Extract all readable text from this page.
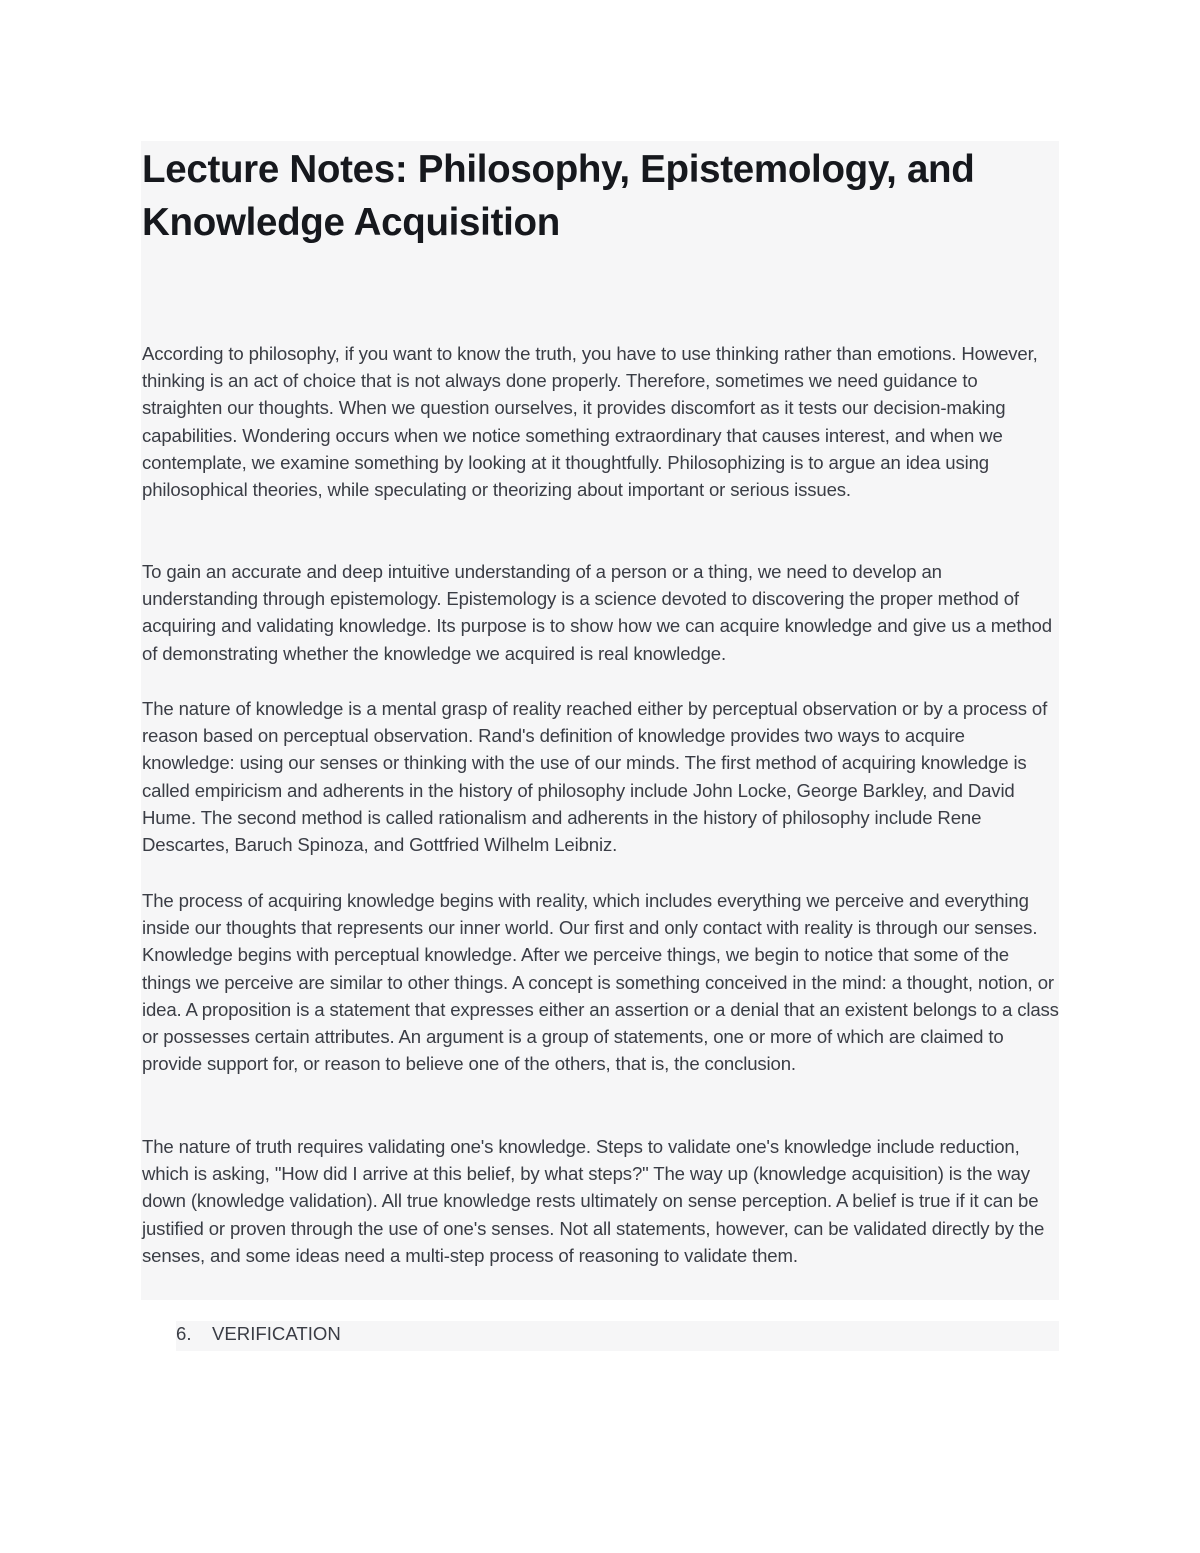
Lecture Notes: Philosophy, Epistemology, and Knowledge Acquisition

According to philosophy, if you want to know the truth, you have to use thinking rather than emotions. However, thinking is an act of choice that is not always done properly. Therefore, sometimes we need guidance to straighten our thoughts. When we question ourselves, it provides discomfort as it tests our decision-making capabilities. Wondering occurs when we notice something extraordinary that causes interest, and when we contemplate, we examine something by looking at it thoughtfully. Philosophizing is to argue an idea using philosophical theories, while speculating or theorizing about important or serious issues.

To gain an accurate and deep intuitive understanding of a person or a thing, we need to develop an understanding through epistemology. Epistemology is a science devoted to discovering the proper method of acquiring and validating knowledge. Its purpose is to show how we can acquire knowledge and give us a method of demonstrating whether the knowledge we acquired is real knowledge.

The nature of knowledge is a mental grasp of reality reached either by perceptual observation or by a process of reason based on perceptual observation. Rand's definition of knowledge provides two ways to acquire knowledge: using our senses or thinking with the use of our minds. The first method of acquiring knowledge is called empiricism and adherents in the history of philosophy include John Locke, George Barkley, and David Hume. The second method is called rationalism and adherents in the history of philosophy include Rene Descartes, Baruch Spinoza, and Gottfried Wilhelm Leibniz.

The process of acquiring knowledge begins with reality, which includes everything we perceive and everything inside our thoughts that represents our inner world. Our first and only contact with reality is through our senses. Knowledge begins with perceptual knowledge. After we perceive things, we begin to notice that some of the things we perceive are similar to other things. A concept is something conceived in the mind: a thought, notion, or idea. A proposition is a statement that expresses either an assertion or a denial that an existent belongs to a class or possesses certain attributes. An argument is a group of statements, one or more of which are claimed to provide support for, or reason to believe one of the others, that is, the conclusion.

The nature of truth requires validating one's knowledge. Steps to validate one's knowledge include reduction, which is asking, "How did I arrive at this belief, by what steps?" The way up (knowledge acquisition) is the way down (knowledge validation). All true knowledge rests ultimately on sense perception. A belief is true if it can be justified or proven through the use of one's senses. Not all statements, however, can be validated directly by the senses, and some ideas need a multi-step process of reasoning to validate them.

6. VERIFICATION
